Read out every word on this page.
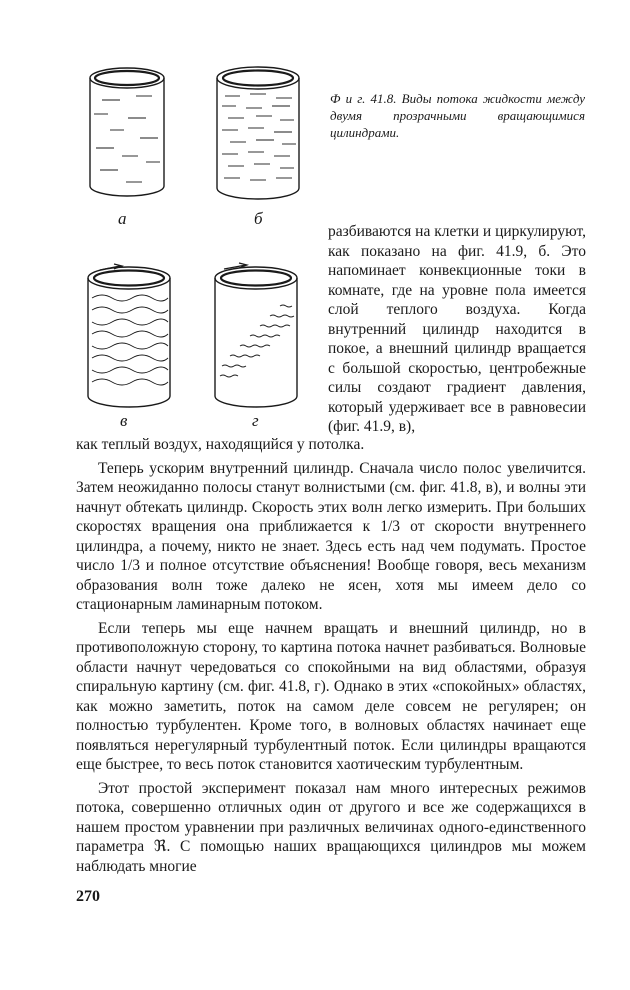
а	б
в	г
Ф и г. 41.8. Виды потока жидкости между двумя прозрачными вращающимися цилиндрами.
разбиваются на клетки и циркулируют, как показано на фиг. 41.9, б. Это напоминает конвекционные токи в комнате, где на уровне пола имеется слой теплого воздуха. Когда внутренний цилиндр находится в покое, а внешний цилиндр вращается с большой скоростью, центробежные силы создают градиент давления, который удерживает все в равновесии (фиг. 41.9, в),

как теплый воздух, находящийся у потолка.

Теперь ускорим внутренний цилиндр. Сначала число полос увеличится. Затем неожиданно полосы станут волнистыми (см. фиг. 41.8, в), и волны эти начнут обтекать цилиндр. Скорость этих волн легко измерить. При больших скоростях вращения она приближается к 1/3 от скорости внутреннего цилиндра, а почему, никто не знает. Здесь есть над чем подумать. Простое число 1/3 и полное отсутствие объяснения! Вообще говоря, весь механизм образования волн тоже далеко не ясен, хотя мы имеем дело со стационарным ламинарным потоком.

Если теперь мы еще начнем вращать и внешний цилиндр, но в противоположную сторону, то картина потока начнет разбиваться. Волновые области начнут чередоваться со спокойными на вид областями, образуя спиральную картину (см. фиг. 41.8, г). Однако в этих «спокойных» областях, как можно заметить, поток на самом деле совсем не регулярен; он полностью турбулентен. Кроме того, в волновых областях начинает еще появляться нерегулярный турбулентный поток. Если цилиндры вращаются еще быстрее, то весь поток становится хаотическим турбулентным.

Этот простой эксперимент показал нам много интересных режимов потока, совершенно отличных один от другого и все же содержащихся в нашем простом уравнении при различных величинах одного-единственного параметра ℜ. С помощью наших вращающихся цилиндров мы можем наблюдать многие

270
